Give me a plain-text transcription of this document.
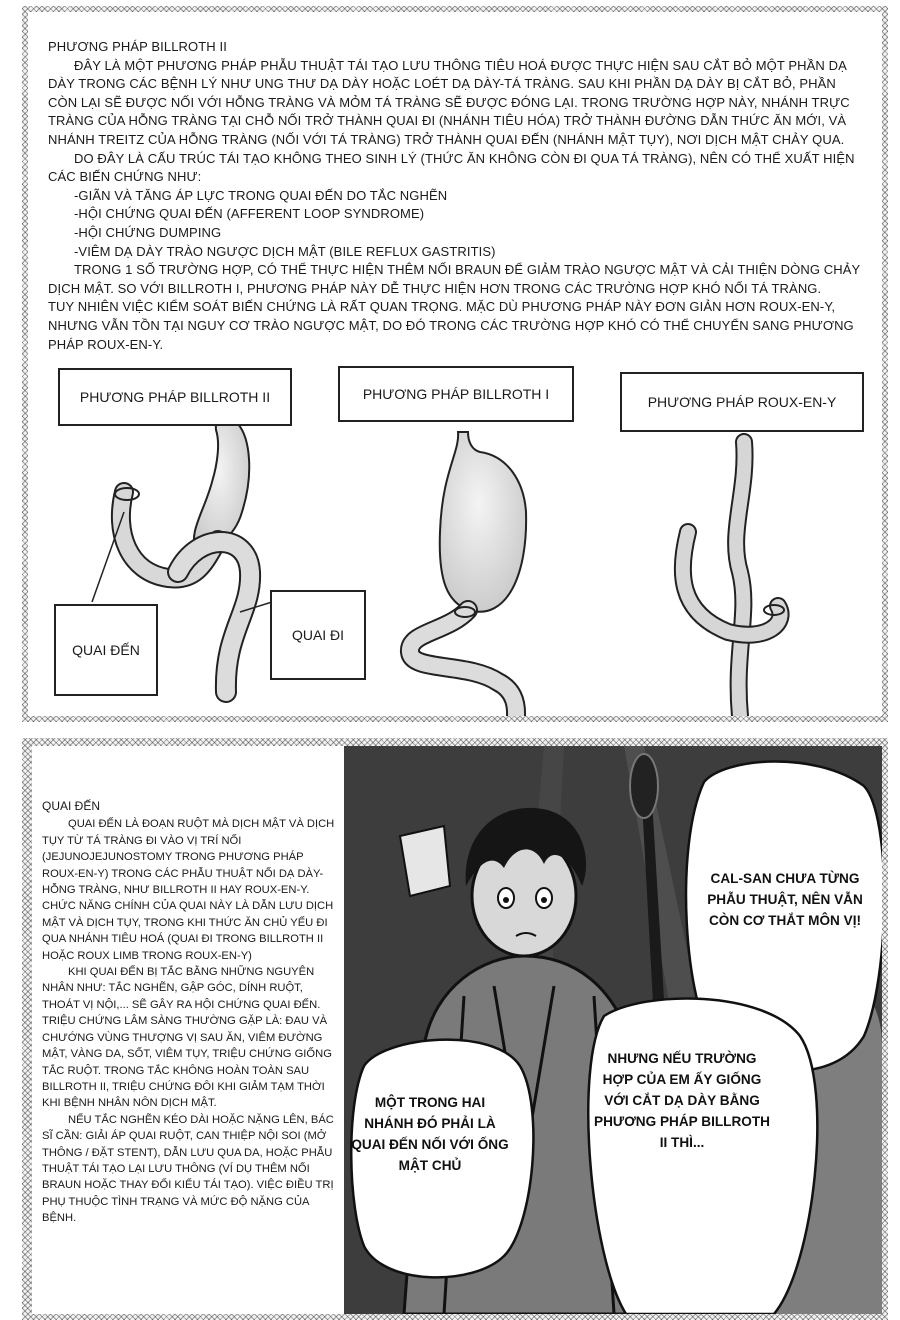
PHƯƠNG PHÁP BILLROTH II

ĐÂY LÀ MỘT PHƯƠNG PHÁP PHẪU THUẬT TÁI TẠO LƯU THÔNG TIÊU HOÁ ĐƯỢC THỰC HIỆN SAU CẮT BỎ MỘT PHẦN DẠ DÀY TRONG CÁC BỆNH LÝ NHƯ UNG THƯ DẠ DÀY HOẶC LOÉT DẠ DÀY-TÁ TRÀNG. SAU KHI PHẦN DẠ DÀY BỊ CẮT BỎ, PHẦN CÒN LẠI SẼ ĐƯỢC NỐI VỚI HỖNG TRÀNG VÀ MỎM TÁ TRÀNG SẼ ĐƯỢC ĐÓNG LẠI. TRONG TRƯỜNG HỢP NÀY, NHÁNH TRỰC TRÀNG CỦA HỖNG TRÀNG TẠI CHỖ NỐI TRỞ THÀNH QUAI ĐI (NHÁNH TIÊU HÓA) TRỞ THÀNH ĐƯỜNG DẪN THỨC ĂN MỚI, VÀ NHÁNH TREITZ CỦA HỖNG TRÀNG (NỐI VỚI TÁ TRÀNG) TRỞ THÀNH QUAI ĐẾN (NHÁNH MẬT TỤY), NƠI DỊCH MẬT CHẢY QUA.

DO ĐÂY LÀ CẤU TRÚC TÁI TẠO KHÔNG THEO SINH LÝ (THỨC ĂN KHÔNG CÒN ĐI QUA TÁ TRÀNG), NÊN CÓ THỂ XUẤT HIỆN CÁC BIẾN CHỨNG NHƯ:

-GIÃN VÀ TĂNG ÁP LỰC TRONG QUAI ĐẾN DO TẮC NGHẼN

-HỘI CHỨNG QUAI ĐẾN (AFFERENT LOOP SYNDROME)

-HỘI CHỨNG DUMPING

-VIÊM DẠ DÀY TRÀO NGƯỢC DỊCH MẬT (BILE REFLUX GASTRITIS)

TRONG 1 SỐ TRƯỜNG HỢP, CÓ THỂ THỰC HIỆN THÊM NỐI BRAUN ĐỂ GIẢM TRÀO NGƯỢC MẬT VÀ CẢI THIỆN DÒNG CHẢY DỊCH MẬT. SO VỚI BILLROTH I, PHƯƠNG PHÁP NÀY DỄ THỰC HIỆN HƠN TRONG CÁC TRƯỜNG HỢP KHÓ NỐI TÁ TRÀNG.

TUY NHIÊN VIỆC KIỂM SOÁT BIẾN CHỨNG LÀ RẤT QUAN TRỌNG. MẶC DÙ PHƯƠNG PHÁP NÀY ĐƠN GIẢN HƠN ROUX-EN-Y, NHƯNG VẪN TỒN TẠI NGUY CƠ TRÀO NGƯỢC MẬT, DO ĐÓ TRONG CÁC TRƯỜNG HỢP KHÓ CÓ THỂ CHUYỂN SANG PHƯƠNG PHÁP ROUX-EN-Y.

PHƯƠNG PHÁP BILLROTH II	PHƯƠNG PHÁP BILLROTH I	PHƯƠNG PHÁP ROUX-EN-Y
QUAI ĐẾN
QUAI ĐI

QUAI ĐẾN

QUAI ĐẾN LÀ ĐOẠN RUỘT MÀ DỊCH MẬT VÀ DỊCH TỤY TỪ TÁ TRÀNG ĐI VÀO VỊ TRÍ NỐI (JEJUNOJEJUNOSTOMY TRONG PHƯƠNG PHÁP ROUX-EN-Y) TRONG CÁC PHẪU THUẬT NỐI DẠ DÀY-HỖNG TRÀNG, NHƯ BILLROTH II HAY ROUX-EN-Y. CHỨC NĂNG CHÍNH CỦA QUAI NÀY LÀ DẪN LƯU DỊCH MẬT VÀ DỊCH TỤY, TRONG KHI THỨC ĂN CHỦ YẾU ĐI QUA NHÁNH TIÊU HOÁ (QUAI ĐI TRONG BILLROTH II HOẶC ROUX LIMB TRONG ROUX-EN-Y)

KHI QUAI ĐẾN BỊ TẮC BẰNG NHỮNG NGUYÊN NHÂN NHƯ: TẮC NGHẼN, GẬP GÓC, DÍNH RUỘT, THOÁT VỊ NỘI,... SẼ GÂY RA HỘI CHỨNG QUAI ĐẾN. TRIỆU CHỨNG LÂM SÀNG THƯỜNG GẶP LÀ: ĐAU VÀ CHƯỚNG VÙNG THƯỢNG VỊ SAU ĂN, VIÊM ĐƯỜNG MẬT, VÀNG DA, SỐT, VIÊM TỤY, TRIỆU CHỨNG GIỐNG TẮC RUỘT. TRONG TẮC KHÔNG HOÀN TOÀN SAU BILLROTH II, TRIỆU CHỨNG ĐÔI KHI GIẢM TẠM THỜI KHI BỆNH NHÂN NÔN DỊCH MẬT.

NẾU TẮC NGHẼN KÉO DÀI HOẶC NẶNG LÊN, BÁC SĨ CẦN: GIẢI ÁP QUAI RUỘT, CAN THIỆP NỘI SOI (MỞ THÔNG / ĐẶT STENT), DẪN LƯU QUA DA, HOẶC PHẪU THUẬT TÁI TẠO LẠI LƯU THÔNG (VÍ DỤ THÊM NỐI BRAUN HOẶC THAY ĐỔI KIỂU TÁI TẠO). VIỆC ĐIỀU TRỊ PHỤ THUỘC TÌNH TRẠNG VÀ MỨC ĐỘ NẶNG CỦA BỆNH.

CAL-SAN CHƯA TỪNG PHẪU THUẬT, NÊN VẪN CÒN CƠ THẮT MÔN VỊ!
NHƯNG NẾU TRƯỜNG HỢP CỦA EM ẤY GIỐNG VỚI CẮT DẠ DÀY BẰNG PHƯƠNG PHÁP BILLROTH II THÌ...
MỘT TRONG HAI NHÁNH ĐÓ PHẢI LÀ QUAI ĐẾN NỐI VỚI ỐNG MẬT CHỦ
